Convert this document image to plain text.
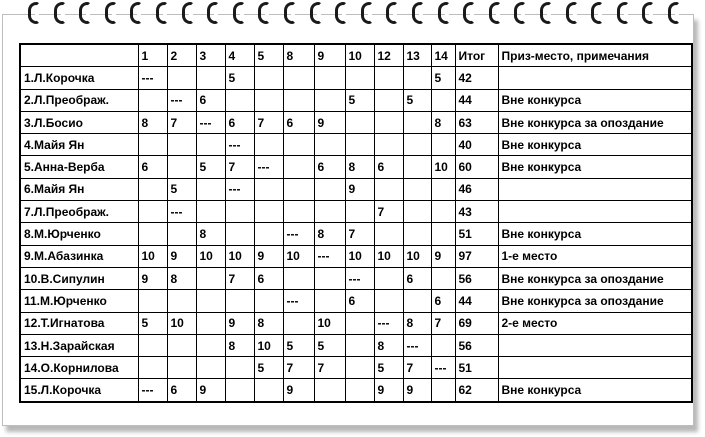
	1	2	3	4	5	8	9	10	12	13	14	Итог	Приз-место, примечания
1.Л.Корочка	---			5							5	42	
2.Л.Преображ.		---	6					5		5		44	Вне конкурса
3.Л.Босио	8	7	---	6	7	6	9				8	63	Вне конкурса за опоздание
4.Майя Ян				---								40	Вне конкурса
5.Анна-Верба	6		5	7	---		6	8	6		10	60	Вне конкурса
6.Майя Ян		5		---				9				46	
7.Л.Преображ.		---							7			43	
8.М.Юрченко			8			---	8	7				51	Вне конкурса
9.М.Абазинка	10	9	10	10	9	10	---	10	10	10	9	97	1-е место
10.В.Сипулин	9	8		7	6			---		6		56	Вне конкурса за опоздание
11.М.Юрченко						---		6			6	44	Вне конкурса за опоздание
12.Т.Игнатова	5	10		9	8		10		---	8	7	69	2-е место
13.Н.Зарайская				8	10	5	5		8	---		56	
14.О.Корнилова					5	7	7		5	7	---	51	
15.Л.Корочка	---	6	9			9			9	9		62	Вне конкурса
